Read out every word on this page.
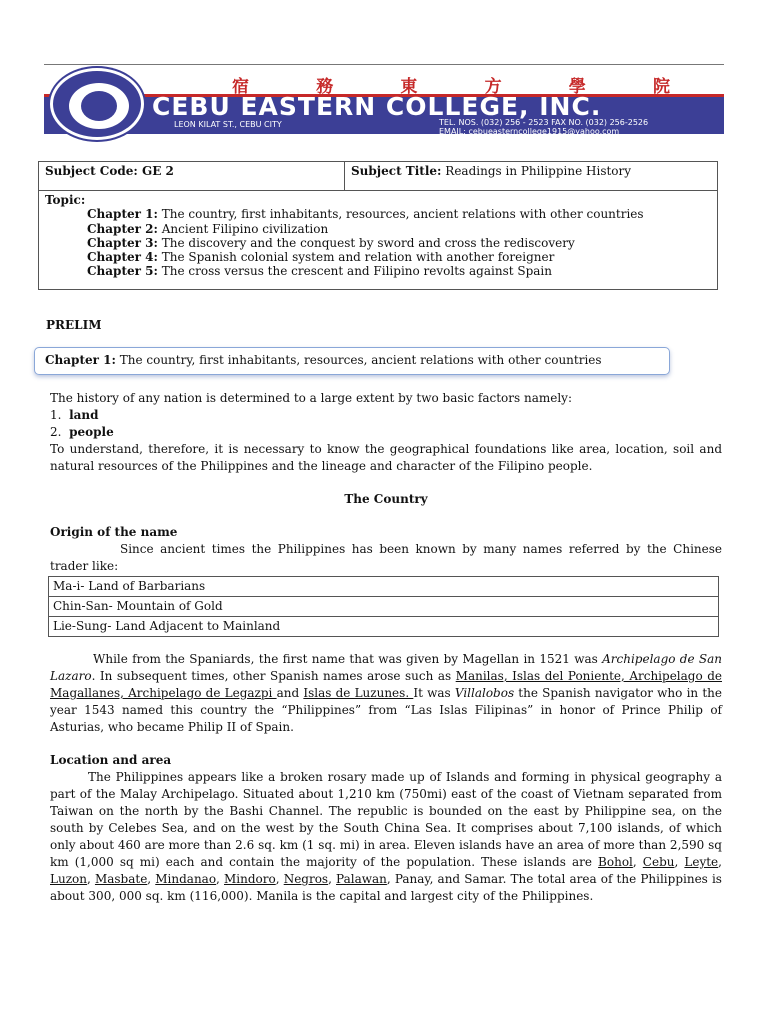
宿	務	東	方	學	院
CEBU EASTERN COLLEGE, INC.
LEON KILAT ST., CEBU CITY	TEL. NOS. (032) 256 - 2523 FAX NO. (032) 256-2526
EMAIL: cebueasterncollege1915@yahoo.com
Subject Code: GE 2	Subject Title: Readings in Philippine History
Topic:
Chapter 1: The country, first inhabitants, resources, ancient relations with other countries
Chapter 2: Ancient Filipino civilization
Chapter 3: The discovery and the conquest by sword and cross the rediscovery
Chapter 4: The Spanish colonial system and relation with another foreigner
Chapter 5: The cross versus the crescent and Filipino revolts against Spain
PRELIM
Chapter 1: The country, first inhabitants, resources, ancient relations with other countries
The history of any nation is determined to a large extent by two basic factors namely:
1. land
2. people
To understand, therefore, it is necessary to know the geographical foundations like area, location, soil and natural resources of the Philippines and the lineage and character of the Filipino people.
The Country
Origin of the name
Since ancient times the Philippines has been known by many names referred by the Chinese trader like:
Ma-i- Land of Barbarians
Chin-San- Mountain of Gold
Lie-Sung- Land Adjacent to Mainland
While from the Spaniards, the first name that was given by Magellan in 1521 was Archipelago de San Lazaro. In subsequent times, other Spanish names arose such as Manilas, Islas del Poniente, Archipelago de Magallanes, Archipelago de Legazpi and Islas de Luzunes. It was Villalobos the Spanish navigator who in the year 1543 named this country the “Philippines” from “Las Islas Filipinas” in honor of Prince Philip of Asturias, who became Philip II of Spain.
Location and area
The Philippines appears like a broken rosary made up of Islands and forming in physical geography a part of the Malay Archipelago. Situated about 1,210 km (750mi) east of the coast of Vietnam separated from Taiwan on the north by the Bashi Channel. The republic is bounded on the east by Philippine sea, on the south by Celebes Sea, and on the west by the South China Sea. It comprises about 7,100 islands, of which only about 460 are more than 2.6 sq. km (1 sq. mi) in area. Eleven islands have an area of more than 2,590 sq km (1,000 sq mi) each and contain the majority of the population. These islands are Bohol, Cebu, Leyte, Luzon, Masbate, Mindanao, Mindoro, Negros, Palawan, Panay, and Samar. The total area of the Philippines is about 300, 000 sq. km (116,000). Manila is the capital and largest city of the Philippines.
